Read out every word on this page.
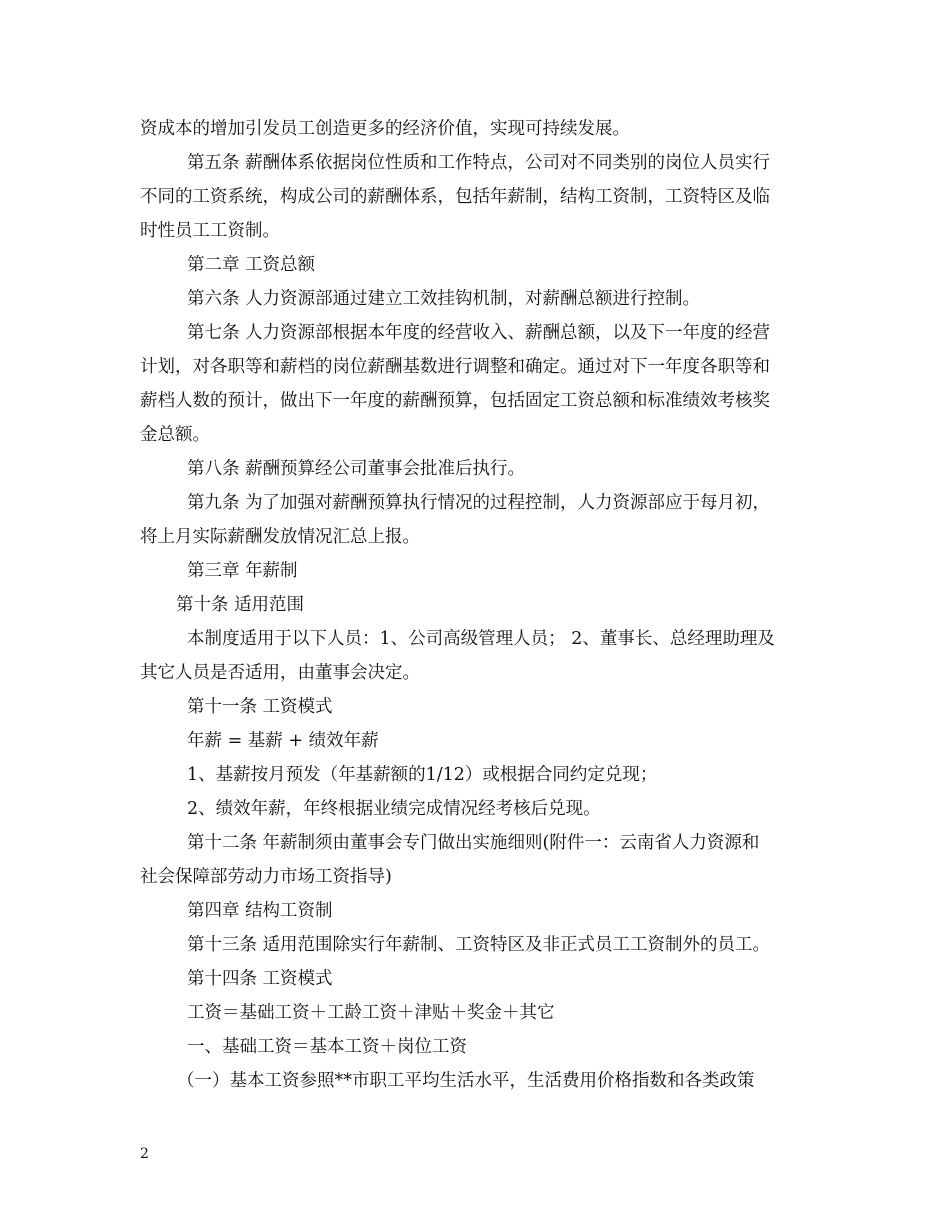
资成本的增加引发员工创造更多的经济价值，实现可持续发展。
第五条 薪酬体系依据岗位性质和工作特点，公司对不同类别的岗位人员实行
不同的工资系统，构成公司的薪酬体系，包括年薪制，结构工资制，工资特区及临
时性员工工资制。
第二章 工资总额
第六条 人力资源部通过建立工效挂钩机制，对薪酬总额进行控制。
第七条 人力资源部根据本年度的经营收入、薪酬总额，以及下一年度的经营
计划，对各职等和薪档的岗位薪酬基数进行调整和确定。通过对下一年度各职等和
薪档人数的预计，做出下一年度的薪酬预算，包括固定工资总额和标准绩效考核奖
金总额。
第八条 薪酬预算经公司董事会批准后执行。
第九条 为了加强对薪酬预算执行情况的过程控制，人力资源部应于每月初，
将上月实际薪酬发放情况汇总上报。
第三章 年薪制
第十条 适用范围
本制度适用于以下人员：1、公司高级管理人员； 2、董事长、总经理助理及
其它人员是否适用，由董事会决定。
第十一条 工资模式
年薪 = 基薪 + 绩效年薪
1、基薪按月预发（年基薪额的1/12）或根据合同约定兑现；
2、绩效年薪，年终根据业绩完成情况经考核后兑现。
第十二条 年薪制须由董事会专门做出实施细则(附件一：云南省人力资源和
社会保障部劳动力市场工资指导)
第四章 结构工资制
第十三条 适用范围除实行年薪制、工资特区及非正式员工工资制外的员工。
第十四条 工资模式
工资＝基础工资＋工龄工资＋津贴＋奖金＋其它
一、基础工资＝基本工资＋岗位工资
（一）基本工资参照**市职工平均生活水平，生活费用价格指数和各类政策
2
